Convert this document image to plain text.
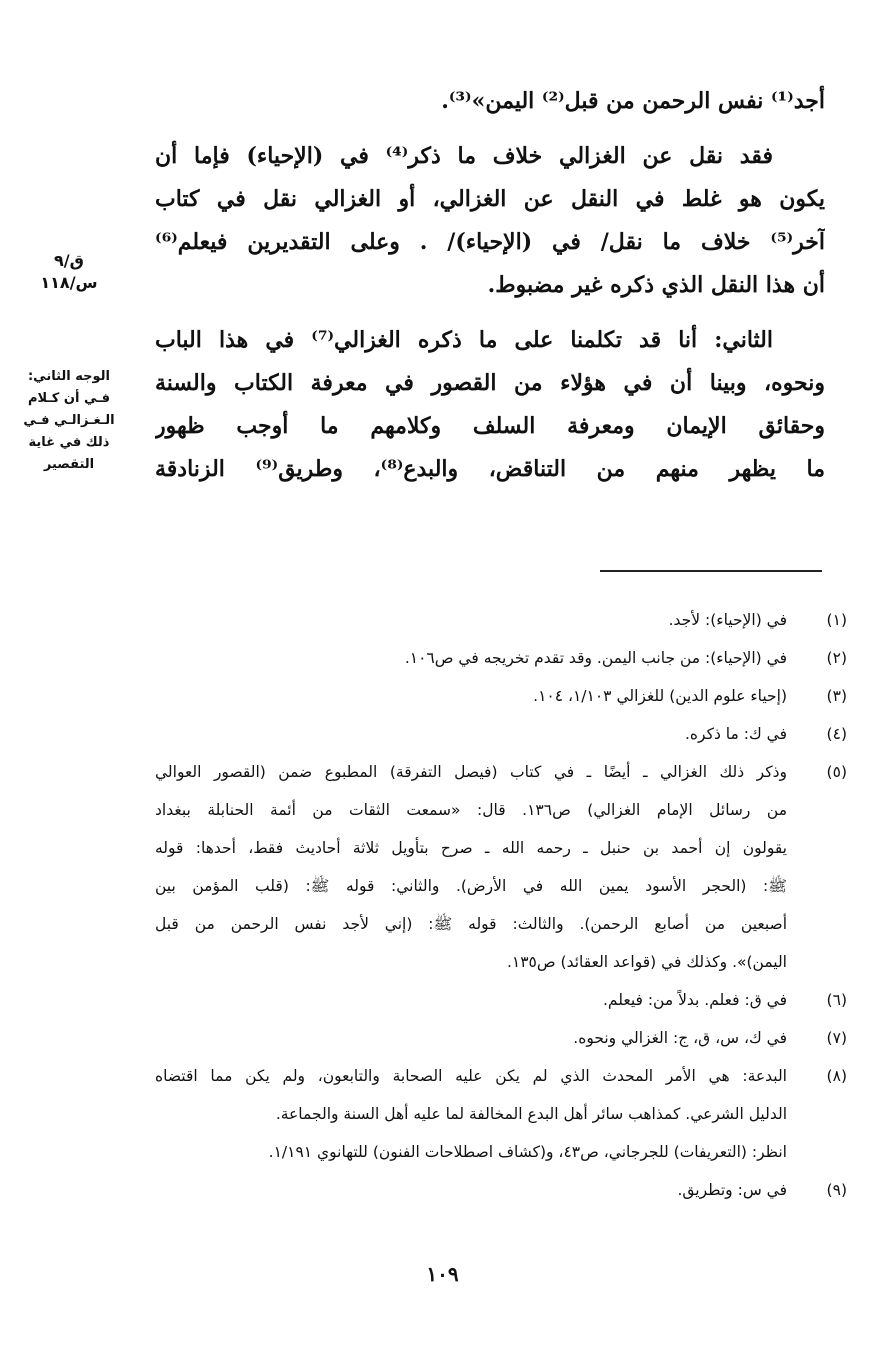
ق/٩
س/١١٨
الوجه الثاني:
فـي أن كـلام
الـغـزالـي فـي
ذلك في غاية
التقصير
أجد⁽¹⁾ نفس الرحمن من قبل⁽²⁾ اليمن»⁽³⁾.
فقد نقل عن الغزالي خلاف ما ذكر⁽⁴⁾ في (الإحياء) فإما أن
يكون هو غلط في النقل عن الغزالي، أو الغزالي نقل في كتاب
آخر⁽⁵⁾ خلاف ما نقل/ في (الإحياء)/ . وعلى التقديرين فيعلم⁽⁶⁾
أن هذا النقل الذي ذكره غير مضبوط.
الثاني: أنا قد تكلمنا على ما ذكره الغزالي⁽⁷⁾ في هذا الباب
ونحوه، وبينا أن في هؤلاء من القصور في معرفة الكتاب والسنة
وحقائق الإيمان ومعرفة السلف وكلامهم ما أوجب ظهور
ما يظهر منهم من التناقض، والبدع⁽⁸⁾، وطريق⁽⁹⁾ الزنادقة
(١)
في (الإحياء): لأجد.
(٢)
في (الإحياء): من جانب اليمن. وقد تقدم تخريجه في ص١٠٦.
(٣)
(إحياء علوم الدين) للغزالي ١/١٠٣، ١٠٤.
(٤)
في ك: ما ذكره.
(٥)
وذكر ذلك الغزالي ـ أيضًا ـ في كتاب (فيصل التفرقة) المطبوع ضمن (القصور العوالي
من رسائل الإمام الغزالي) ص١٣٦. قال: «سمعت الثقات من أئمة الحنابلة ببغداد
يقولون إن أحمد بن حنبل ـ رحمه الله ـ صرح بتأويل ثلاثة أحاديث فقط، أحدها: قوله
ﷺ: (الحجر الأسود يمين الله في الأرض). والثاني: قوله ﷺ: (قلب المؤمن بين
أصبعين من أصابع الرحمن). والثالث: قوله ﷺ: (إني لأجد نفس الرحمن من قبل
اليمن)». وكذلك في (قواعد العقائد) ص١٣٥.
(٦)
في ق: فعلم. بدلاً من: فيعلم.
(٧)
في ك، س، ق، ج: الغزالي ونحوه.
(٨)
البدعة: هي الأمر المحدث الذي لم يكن عليه الصحابة والتابعون، ولم يكن مما اقتضاه
الدليل الشرعي. كمذاهب سائر أهل البدع المخالفة لما عليه أهل السنة والجماعة.
انظر: (التعريفات) للجرجاني، ص٤٣، و(كشاف اصطلاحات الفنون) للتهانوي ١/١٩١.
(٩)
في س: وتطريق.
١٠٩
